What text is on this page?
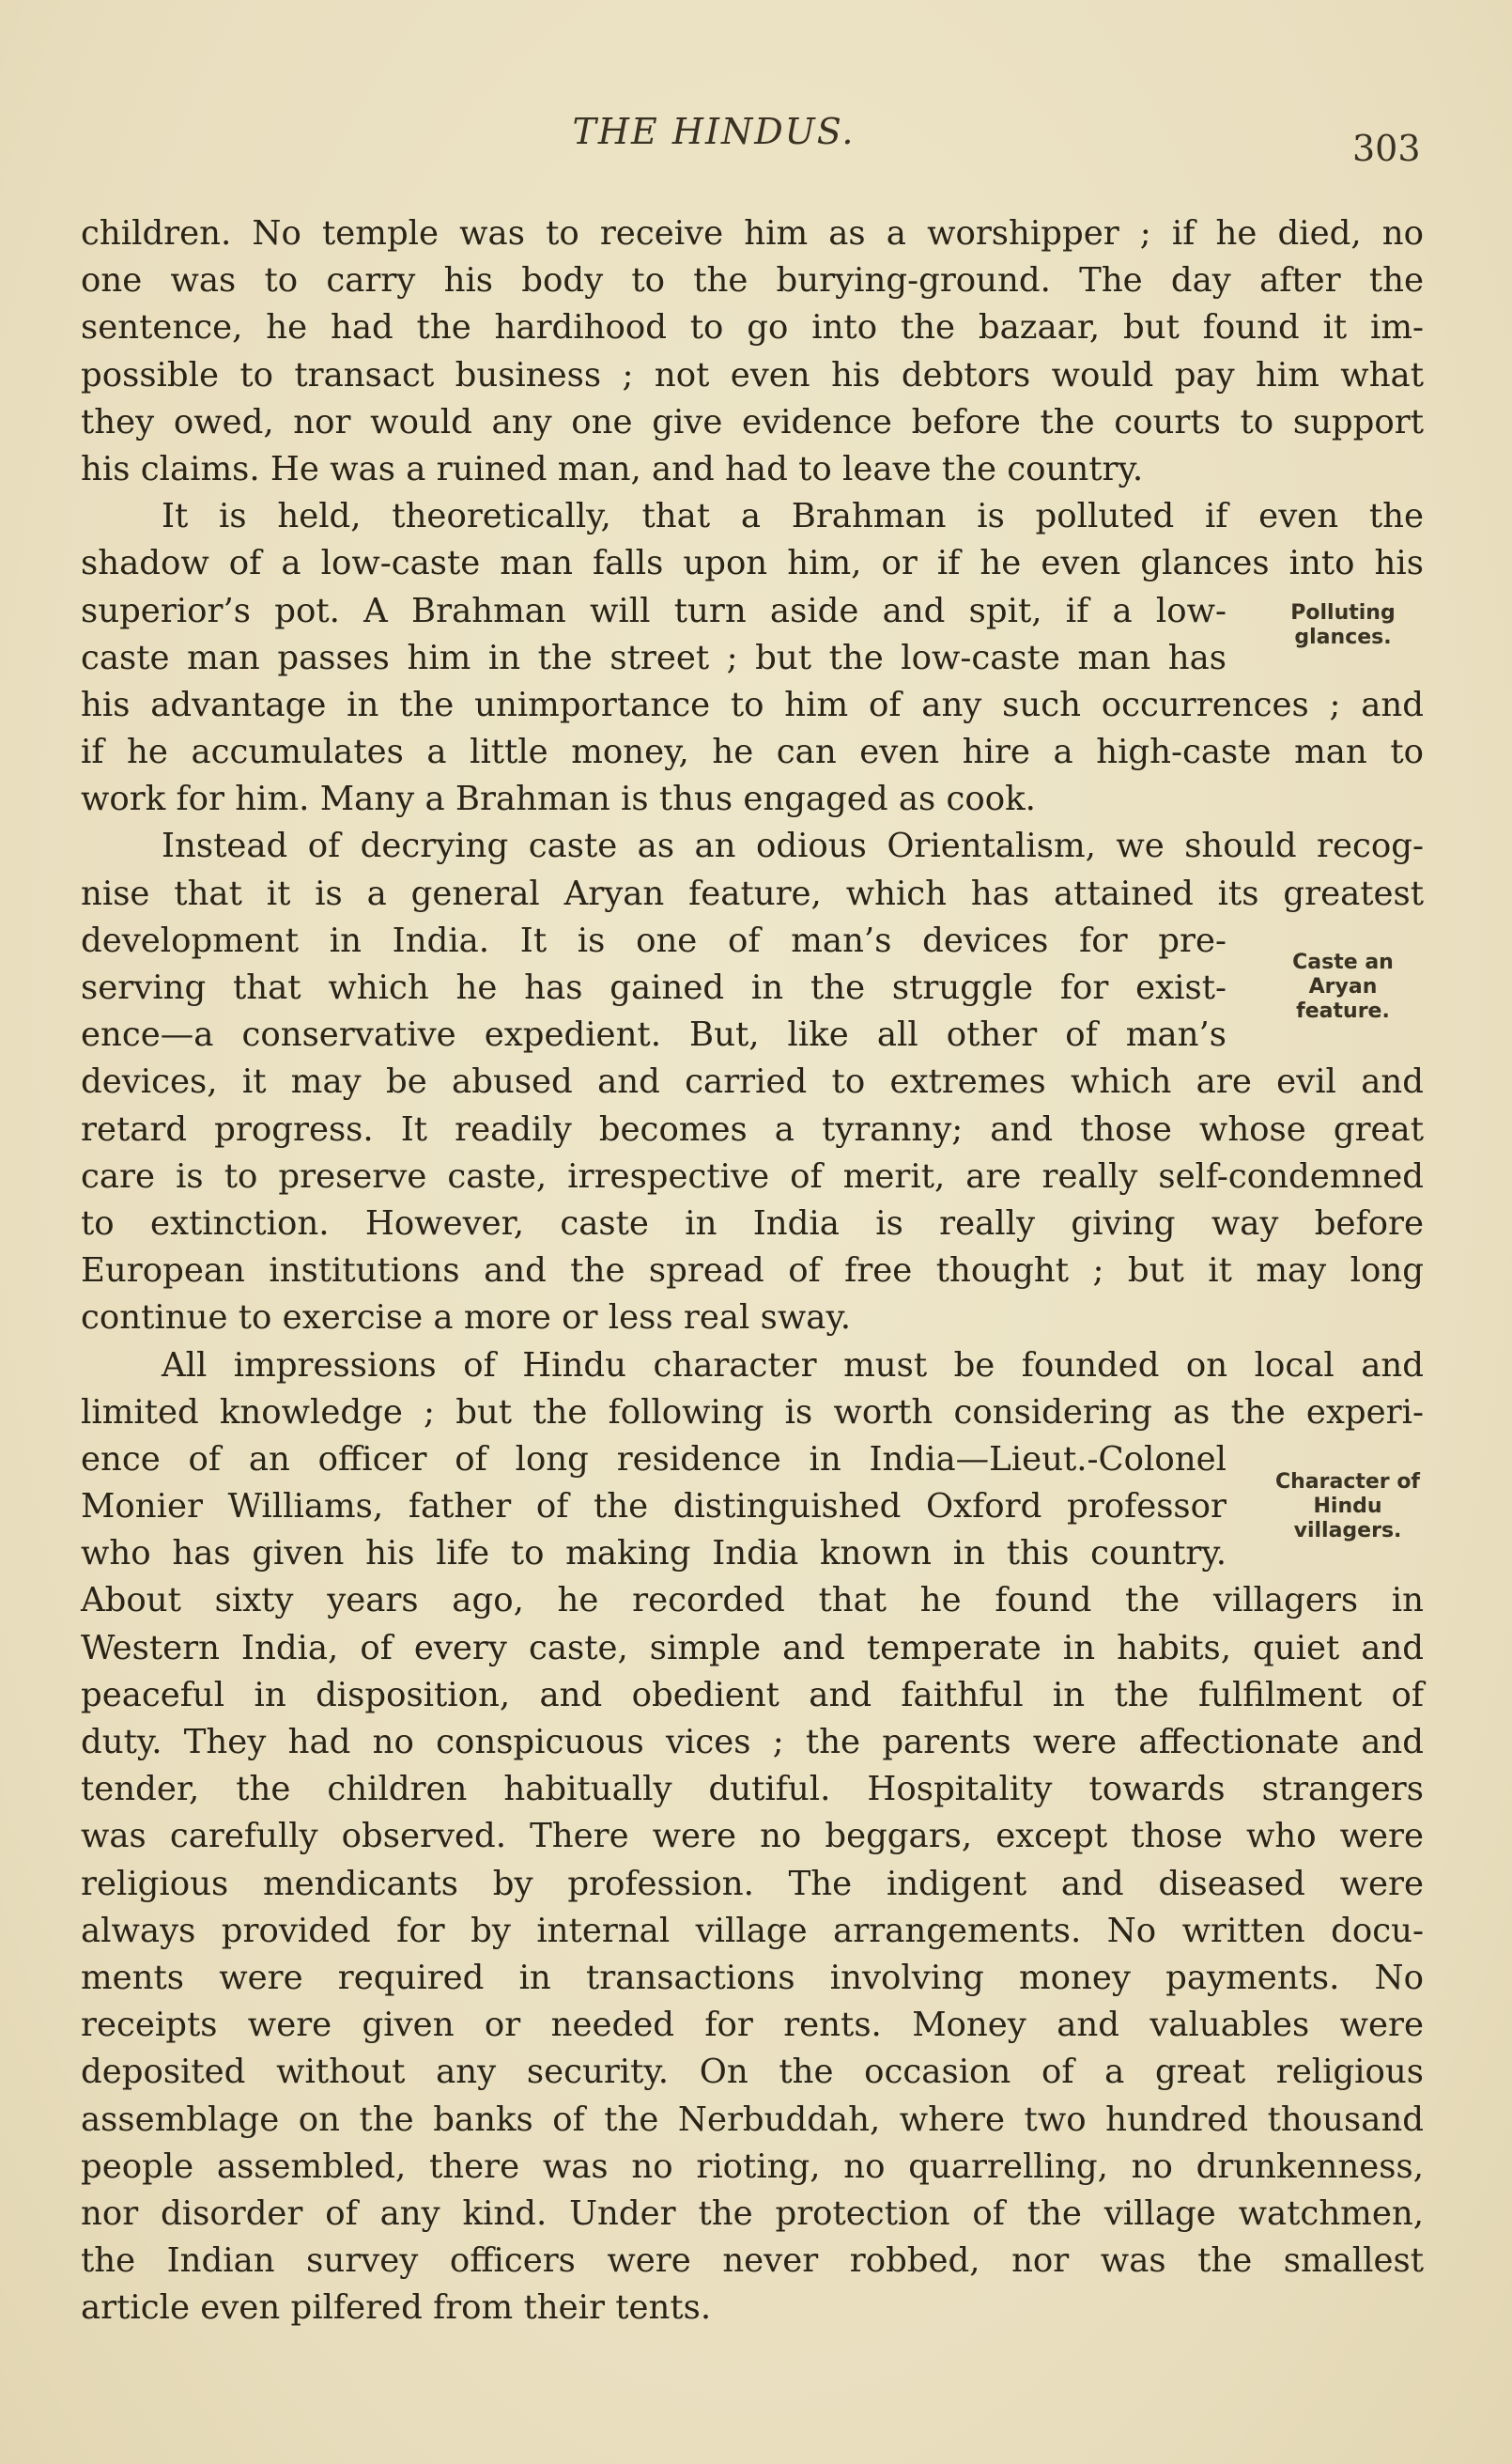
THE HINDUS.	303
children. No temple was to receive him as a worshipper ; if he died, no
one was to carry his body to the burying-ground. The day after the
sentence, he had the hardihood to go into the bazaar, but found it im-
possible to transact business ; not even his debtors would pay him what
they owed, nor would any one give evidence before the courts to support
his claims. He was a ruined man, and had to leave the country.
It is held, theoretically, that a Brahman is polluted if even the
shadow of a low-caste man falls upon him, or if he even glances into his
superior’s pot. A Brahman will turn aside and spit, if a low-
caste man passes him in the street ; but the low-caste man has
his advantage in the unimportance to him of any such occurrences ; and
if he accumulates a little money, he can even hire a high-caste man to
work for him. Many a Brahman is thus engaged as cook.
Instead of decrying caste as an odious Orientalism, we should recog-
nise that it is a general Aryan feature, which has attained its greatest
development in India. It is one of man’s devices for pre-
serving that which he has gained in the struggle for exist-
ence—a conservative expedient. But, like all other of man’s
devices, it may be abused and carried to extremes which are evil and
retard progress. It readily becomes a tyranny; and those whose great
care is to preserve caste, irrespective of merit, are really self-condemned
to extinction. However, caste in India is really giving way before
European institutions and the spread of free thought ; but it may long
continue to exercise a more or less real sway.
All impressions of Hindu character must be founded on local and
limited knowledge ; but the following is worth considering as the experi-
ence of an officer of long residence in India—Lieut.-Colonel
Monier Williams, father of the distinguished Oxford professor
who has given his life to making India known in this country.
About sixty years ago, he recorded that he found the villagers in
Western India, of every caste, simple and temperate in habits, quiet and
peaceful in disposition, and obedient and faithful in the fulfilment of
duty. They had no conspicuous vices ; the parents were affectionate and
tender, the children habitually dutiful. Hospitality towards strangers
was carefully observed. There were no beggars, except those who were
religious mendicants by profession. The indigent and diseased were
always provided for by internal village arrangements. No written docu-
ments were required in transactions involving money payments. No
receipts were given or needed for rents. Money and valuables were
deposited without any security. On the occasion of a great religious
assemblage on the banks of the Nerbuddah, where two hundred thousand
people assembled, there was no rioting, no quarrelling, no drunkenness,
nor disorder of any kind. Under the protection of the village watchmen,
the Indian survey officers were never robbed, nor was the smallest
article even pilfered from their tents.
Polluting
glances.
Caste an
Aryan
feature.
Character of
Hindu
villagers.
